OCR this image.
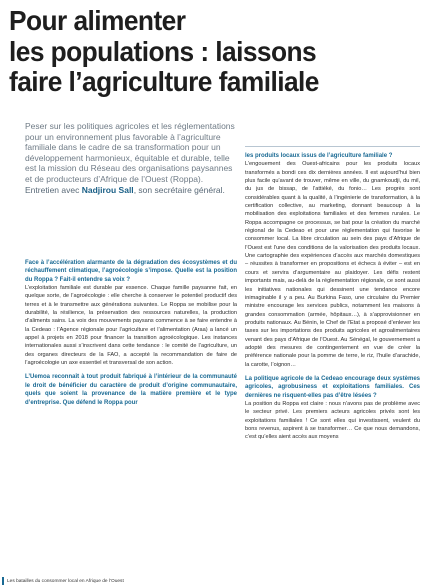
Pour alimenter
les populations : laissons
faire l’agriculture familiale
Peser sur les politiques agricoles et les réglementations pour un environnement plus favorable à l’agriculture familiale dans le cadre de sa transformation pour un développement harmonieux, équitable et durable, telle est la mission du Réseau des organisations paysannes et de producteurs d’Afrique de l’Ouest (Roppa). Entretien avec Nadjirou Sall, son secrétaire général.

Face à l’accélération alarmante de la dégradation des écosystèmes et du réchauffement climatique, l’agroécologie s’impose. Quelle est la position du Roppa ? Fait-il entendre sa voix ?

L’exploitation familiale est durable par essence. Chaque famille paysanne fait, en quelque sorte, de l’agroécologie : elle cherche à conserver le potentiel productif des terres et à le transmettre aux générations suivantes. Le Roppa se mobilise pour la durabilité, la résilience, la préservation des ressources naturelles, la production d’aliments sains. La voix des mouvements paysans commence à se faire entendre à la Cedeao : l’Agence régionale pour l’agriculture et l’alimentation (Araa) a lancé un appel à projets en 2018 pour financer la transition agroécologique. Les instances internationales aussi s’inscrivent dans cette tendance : le comité de l’agriculture, un des organes directeurs de la FAO, a accepté la recommandation de faire de l’agroécologie un axe essentiel et transversal de son action.

L’Uemoa reconnaît à tout produit fabriqué à l’intérieur de la communauté le droit de bénéficier du caractère de produit d’origine communautaire, quels que soient la provenance de la matière première et le type d’entreprise. Que défend le Roppa pour

les produits locaux issus de l’agriculture familiale ?

L’engouement des Ouest-africains pour les produits locaux transformés a bondi ces dix dernières années. Il est aujourd’hui bien plus facile qu’avant de trouver, même en ville, du gnamkoudji, du mil, du jus de bissap, de l’attiéké, du fonio… Les progrès sont considérables quant à la qualité, à l’ingénierie de transformation, à la certification collective, au marketing, donnant beaucoup à la mobilisation des exploitations familiales et des femmes rurales. Le Roppa accompagne ce processus, se bat pour la création du marché régional de la Cedeao et pour une réglementation qui favorise le consommer local. La libre circulation au sein des pays d’Afrique de l’Ouest est l’une des conditions de la valorisation des produits locaux. Une cartographie des expériences d’accès aux marchés domestiques – réussites à transformer en propositions et échecs à éviter – est en cours et servira d’argumentaire au plaidoyer. Les défis restent importants mais, au-delà de la réglementation régionale, ce sont aussi les initiatives nationales qui dessinent une tendance encore inimaginable il y a peu. Au Burkina Faso, une circulaire du Premier ministre encourage les services publics, notamment les maisons à grandes consommation (armée, hôpitaux…), à s’approvisionner en produits nationaux. Au Bénin, le Chef de l’Etat a proposé d’enlever les taxes sur les importations des produits agricoles et agroalimentaires venant des pays d’Afrique de l’Ouest. Au Sénégal, le gouvernement a adopté des mesures de contingentement en vue de créer la préférence nationale pour la pomme de terre, le riz, l’huile d’arachide, la carotte, l’oignon…

La politique agricole de la Cedeao encourage deux systèmes agricoles, agrobusiness et exploitations familiales. Ces dernières ne risquent-elles pas d’être lésées ?

La position du Roppa est claire : nous n’avons pas de problème avec le secteur privé. Les premiers acteurs agricoles privés sont les exploitations familiales ! Ce sont elles qui investissent, veulent du bons revenus, aspirent à se transformer… Ce que nous demandons, c’est qu’elles aient accès aux moyens

Les batailles du consommer local en Afrique de l’Ouest
